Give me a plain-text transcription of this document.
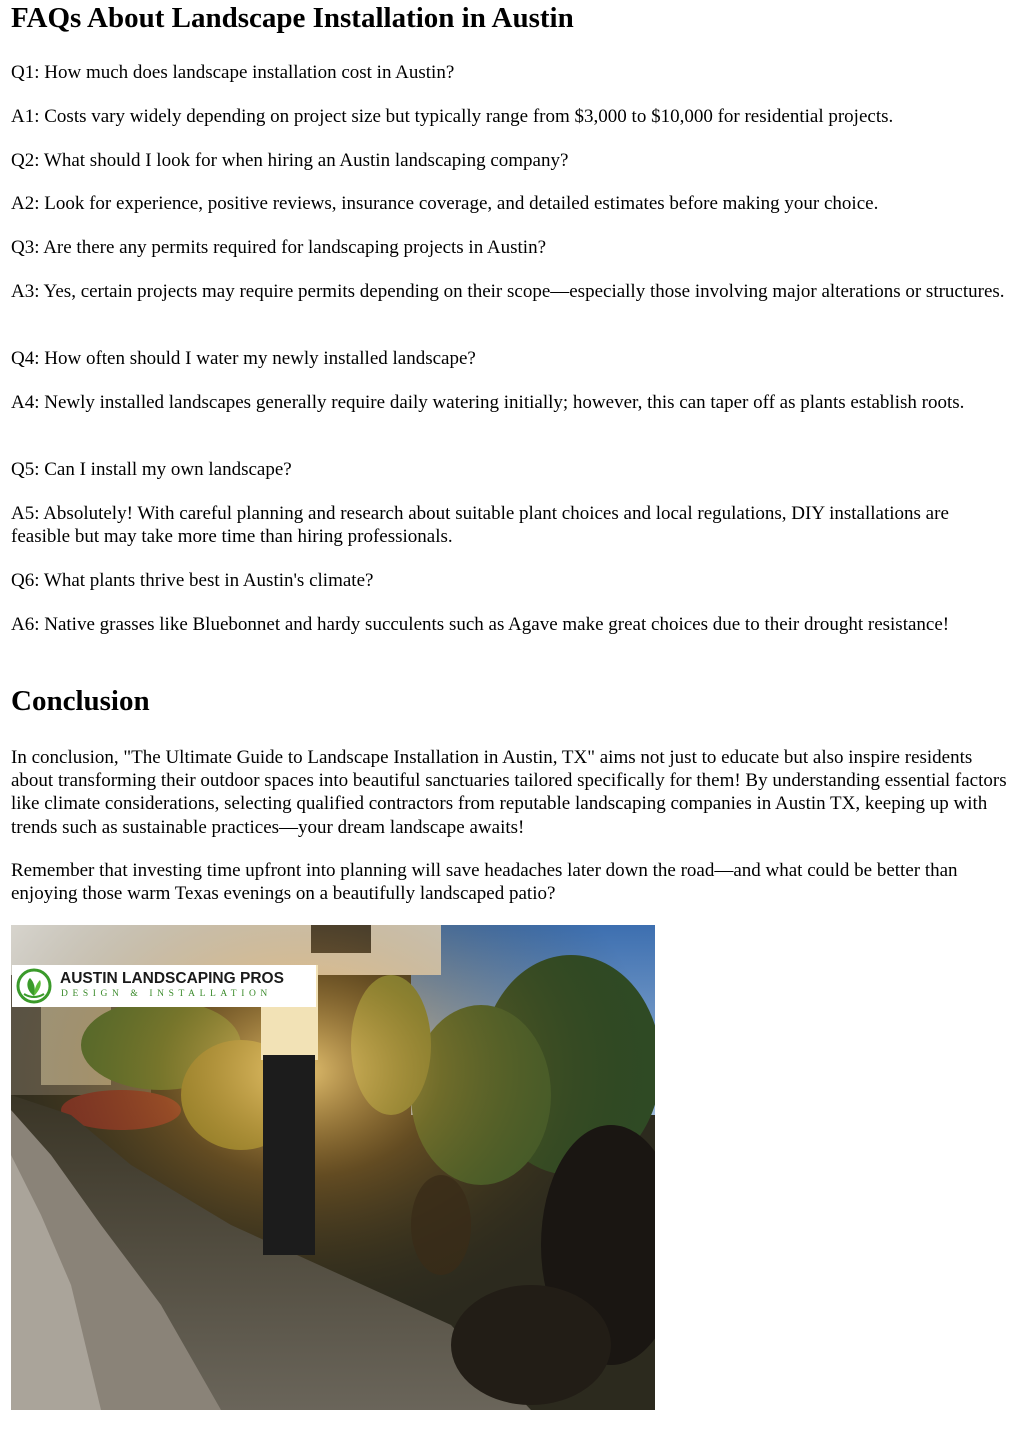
FAQs About Landscape Installation in Austin

Q1: How much does landscape installation cost in Austin?

A1: Costs vary widely depending on project size but typically range from $3,000 to $10,000 for residential projects.

Q2: What should I look for when hiring an Austin landscaping company?

A2: Look for experience, positive reviews, insurance coverage, and detailed estimates before making your choice.

Q3: Are there any permits required for landscaping projects in Austin?

A3: Yes, certain projects may require permits depending on their scope—especially those involving major alterations or structures.

Q4: How often should I water my newly installed landscape?

A4: Newly installed landscapes generally require daily watering initially; however, this can taper off as plants establish roots.

Q5: Can I install my own landscape?

A5: Absolutely! With careful planning and research about suitable plant choices and local regulations, DIY installations are feasible but may take more time than hiring professionals.

Q6: What plants thrive best in Austin's climate?

A6: Native grasses like Bluebonnet and hardy succulents such as Agave make great choices due to their drought resistance!

Conclusion

In conclusion, "The Ultimate Guide to Landscape Installation in Austin, TX" aims not just to educate but also inspire residents about transforming their outdoor spaces into beautiful sanctuaries tailored specifically for them! By understanding essential factors like climate considerations, selecting qualified contractors from reputable landscaping companies in Austin TX, keeping up with trends such as sustainable practices—your dream landscape awaits!

Remember that investing time upfront into planning will save headaches later down the road—and what could be better than enjoying those warm Texas evenings on a beautifully landscaped patio?

AUSTIN LANDSCAPING PROS
DESIGN & INSTALLATION
